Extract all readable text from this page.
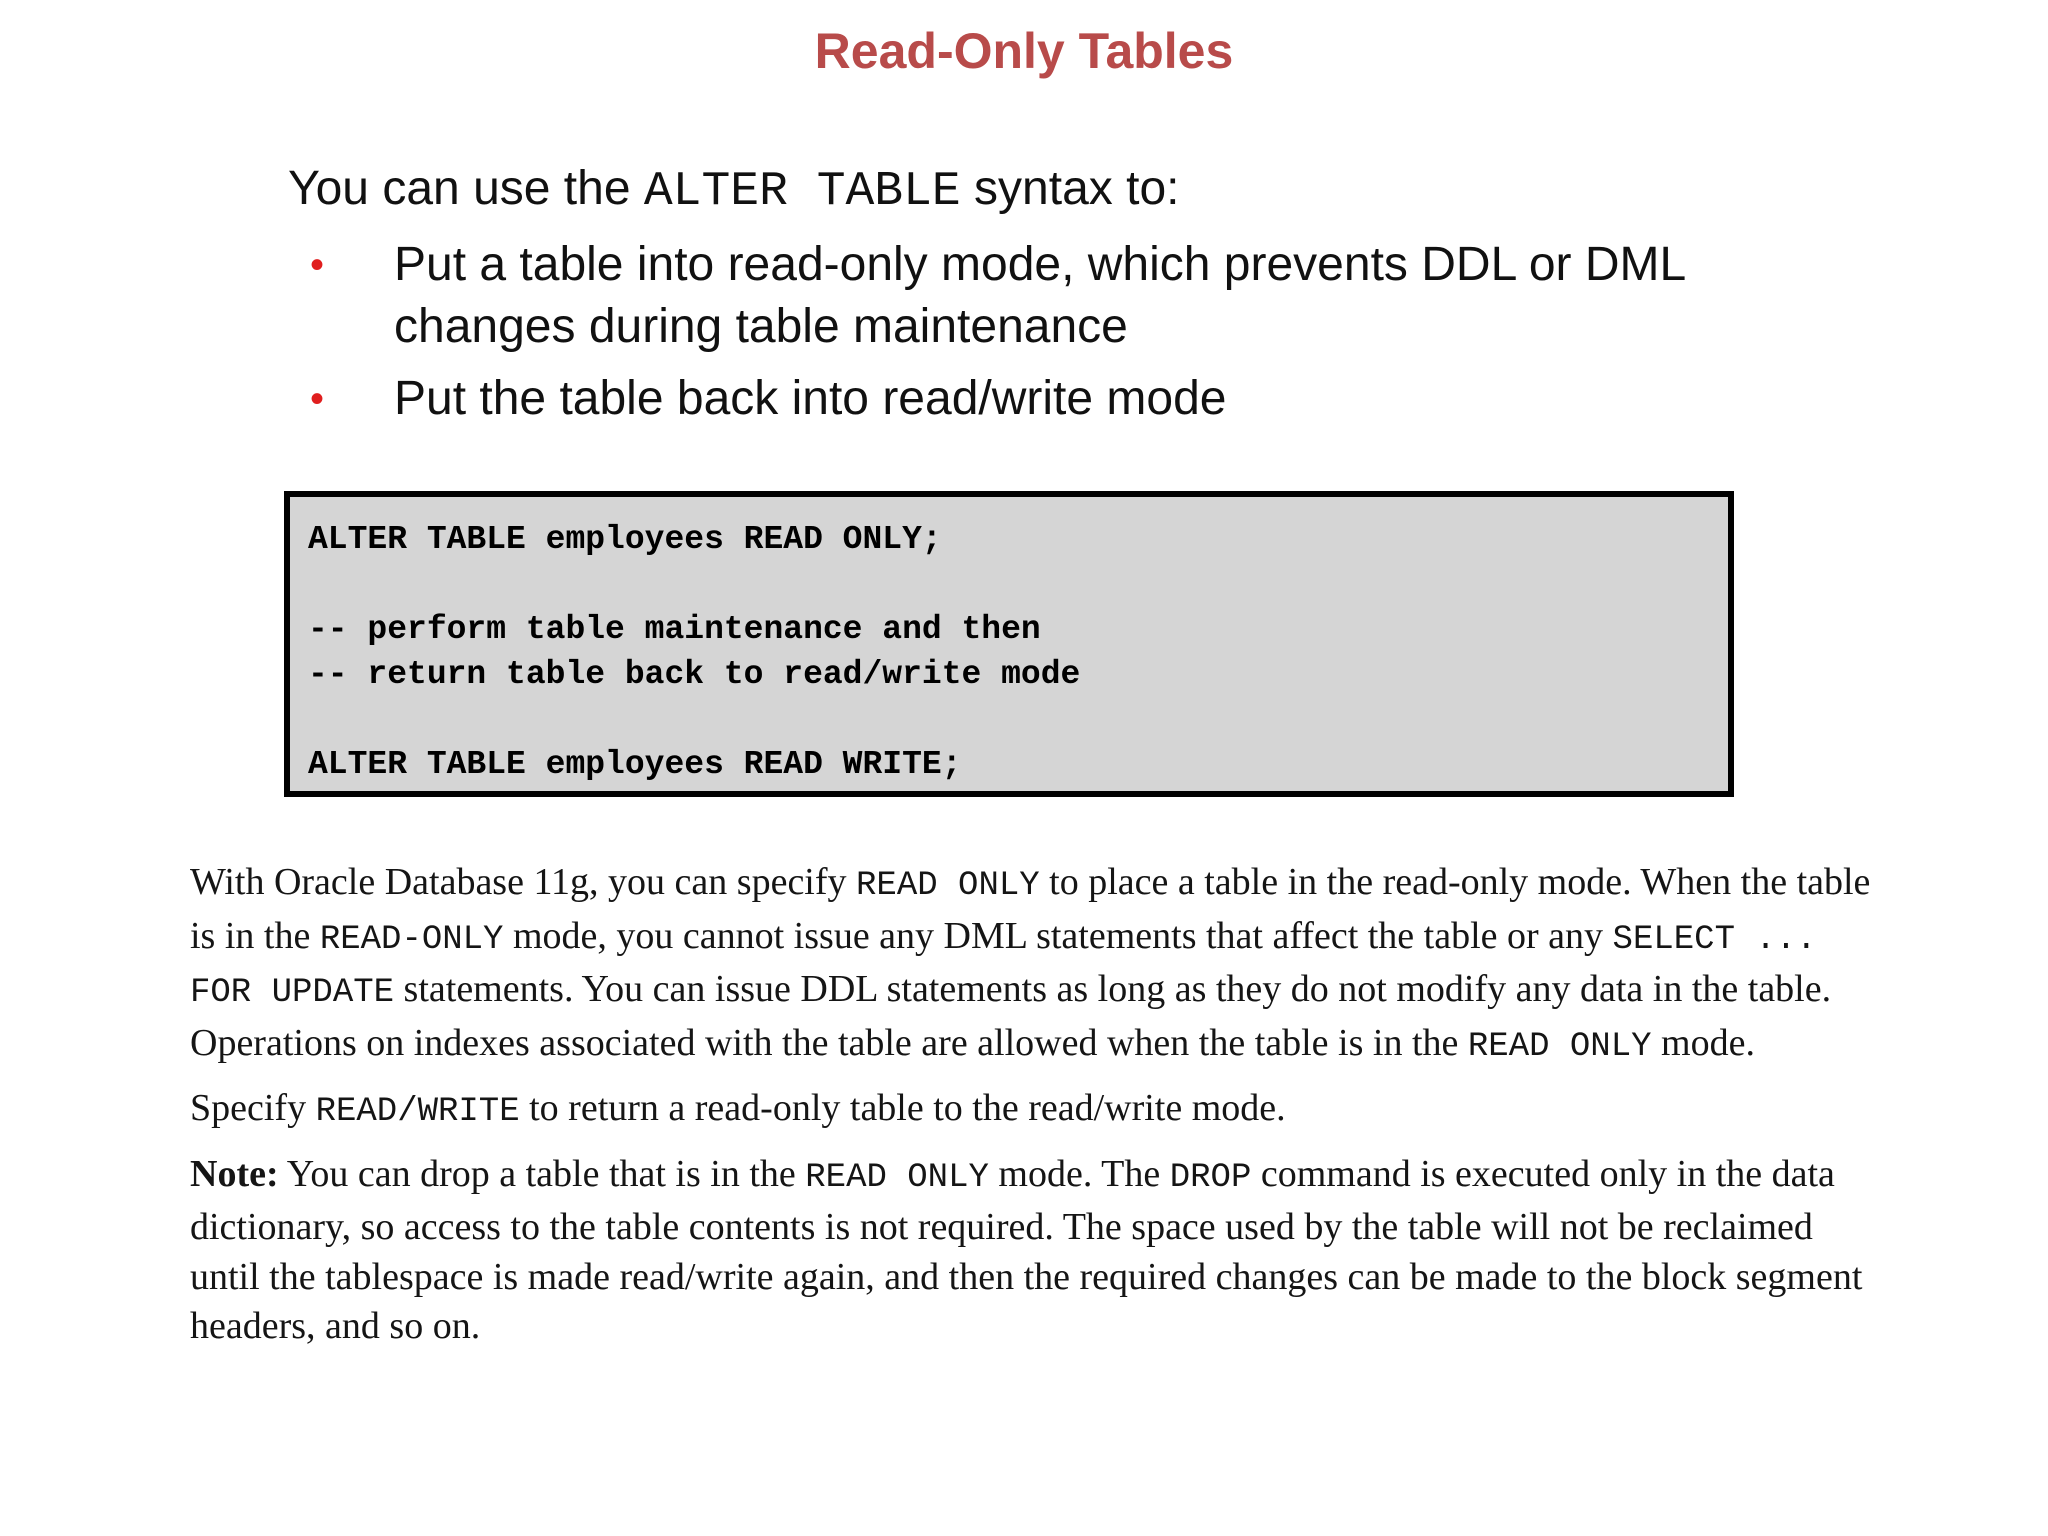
Read-Only Tables
You can use the ALTER TABLE syntax to:
• Put a table into read-only mode, which prevents DDL or DML changes during table maintenance
• Put the table back into read/write mode
ALTER TABLE employees READ ONLY;
-- perform table maintenance and then
-- return table back to read/write mode
ALTER TABLE employees READ WRITE;

With Oracle Database 11g, you can specify READ ONLY to place a table in the read-only mode. When the table is in the READ-ONLY mode, you cannot issue any DML statements that affect the table or any SELECT ... FOR UPDATE statements. You can issue DDL statements as long as they do not modify any data in the table. Operations on indexes associated with the table are allowed when the table is in the READ ONLY mode.

Specify READ/WRITE to return a read-only table to the read/write mode.

Note: You can drop a table that is in the READ ONLY mode. The DROP command is executed only in the data dictionary, so access to the table contents is not required. The space used by the table will not be reclaimed until the tablespace is made read/write again, and then the required changes can be made to the block segment headers, and so on.
